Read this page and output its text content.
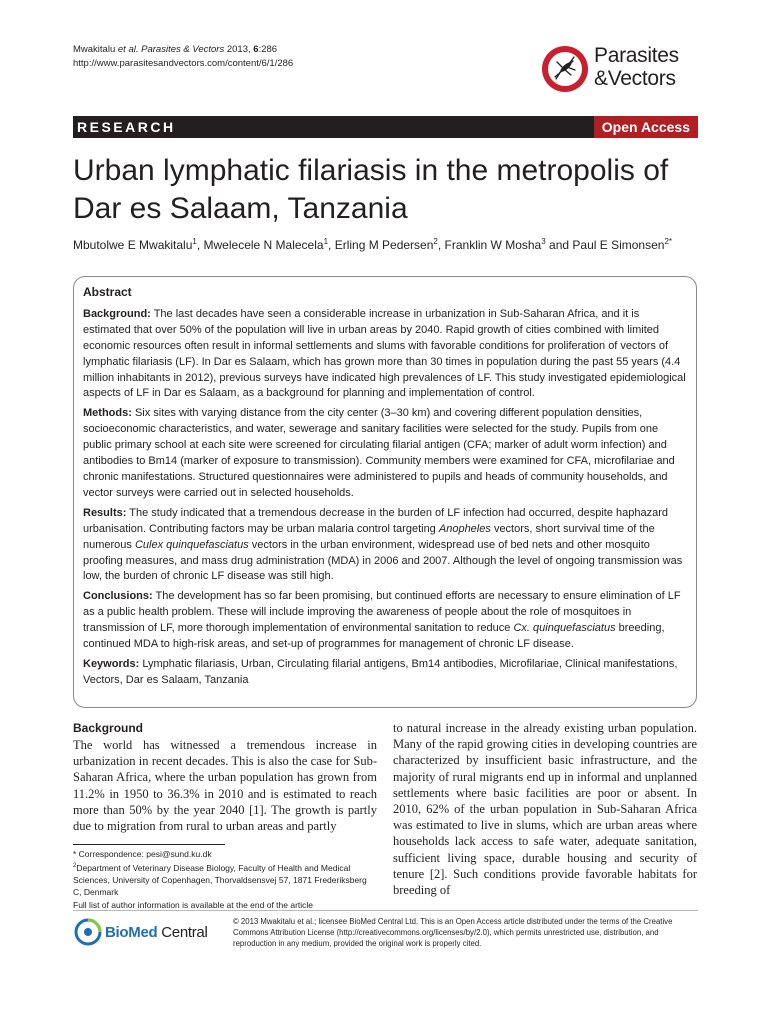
Mwakitalu et al. Parasites & Vectors 2013, 6:286
http://www.parasitesandvectors.com/content/6/1/286	Parasites
&Vectors
RESEARCH	Open Access
Urban lymphatic filariasis in the metropolis of Dar es Salaam, Tanzania
Mbutolwe E Mwakitalu$^1$, Mwelecele N Malecela$^1$, Erling M Pedersen$^2$, Franklin W Mosha$^3$ and Paul E Simonsen$^{2*}$
Abstract

Background: The last decades have seen a considerable increase in urbanization in Sub-Saharan Africa, and it is estimated that over 50% of the population will live in urban areas by 2040. Rapid growth of cities combined with limited economic resources often result in informal settlements and slums with favorable conditions for proliferation of vectors of lymphatic filariasis (LF). In Dar es Salaam, which has grown more than 30 times in population during the past 55 years (4.4 million inhabitants in 2012), previous surveys have indicated high prevalences of LF. This study investigated epidemiological aspects of LF in Dar es Salaam, as a background for planning and implementation of control.

Methods: Six sites with varying distance from the city center (3–30 km) and covering different population densities, socioeconomic characteristics, and water, sewerage and sanitary facilities were selected for the study. Pupils from one public primary school at each site were screened for circulating filarial antigen (CFA; marker of adult worm infection) and antibodies to Bm14 (marker of exposure to transmission). Community members were examined for CFA, microfilariae and chronic manifestations. Structured questionnaires were administered to pupils and heads of community households, and vector surveys were carried out in selected households.

Results: The study indicated that a tremendous decrease in the burden of LF infection had occurred, despite haphazard urbanisation. Contributing factors may be urban malaria control targeting Anopheles vectors, short survival time of the numerous Culex quinquefasciatus vectors in the urban environment, widespread use of bed nets and other mosquito proofing measures, and mass drug administration (MDA) in 2006 and 2007. Although the level of ongoing transmission was low, the burden of chronic LF disease was still high.

Conclusions: The development has so far been promising, but continued efforts are necessary to ensure elimination of LF as a public health problem. These will include improving the awareness of people about the role of mosquitoes in transmission of LF, more thorough implementation of environmental sanitation to reduce Cx. quinquefasciatus breeding, continued MDA to high-risk areas, and set-up of programmes for management of chronic LF disease.

Keywords: Lymphatic filariasis, Urban, Circulating filarial antigens, Bm14 antibodies, Microfilariae, Clinical manifestations, Vectors, Dar es Salaam, Tanzania

Background
The world has witnessed a tremendous increase in urbanization in recent decades. This is also the case for Sub-Saharan Africa, where the urban population has grown from 11.2% in 1950 to 36.3% in 2010 and is estimated to reach more than 50% by the year 2040 [1]. The growth is partly due to migration from rural to urban areas and partly
to natural increase in the already existing urban population. Many of the rapid growing cities in developing countries are characterized by insufficient basic infrastructure, and the majority of rural migrants end up in informal and unplanned settlements where basic facilities are poor or absent. In 2010, 62% of the urban population in Sub-Saharan Africa was estimated to live in slums, which are urban areas where households lack access to safe water, adequate sanitation, sufficient living space, durable housing and security of tenure [2]. Such conditions provide favorable habitats for breeding of
* Correspondence: pesi@sund.ku.dk
$^2$Department of Veterinary Disease Biology, Faculty of Health and Medical Sciences, University of Copenhagen, Thorvaldsensvej 57, 1871 Frederiksberg C, Denmark
Full list of author information is available at the end of the article
BioMed Central
© 2013 Mwakitalu et al.; licensee BioMed Central Ltd. This is an Open Access article distributed under the terms of the Creative Commons Attribution License (http://creativecommons.org/licenses/by/2.0), which permits unrestricted use, distribution, and reproduction in any medium, provided the original work is properly cited.
